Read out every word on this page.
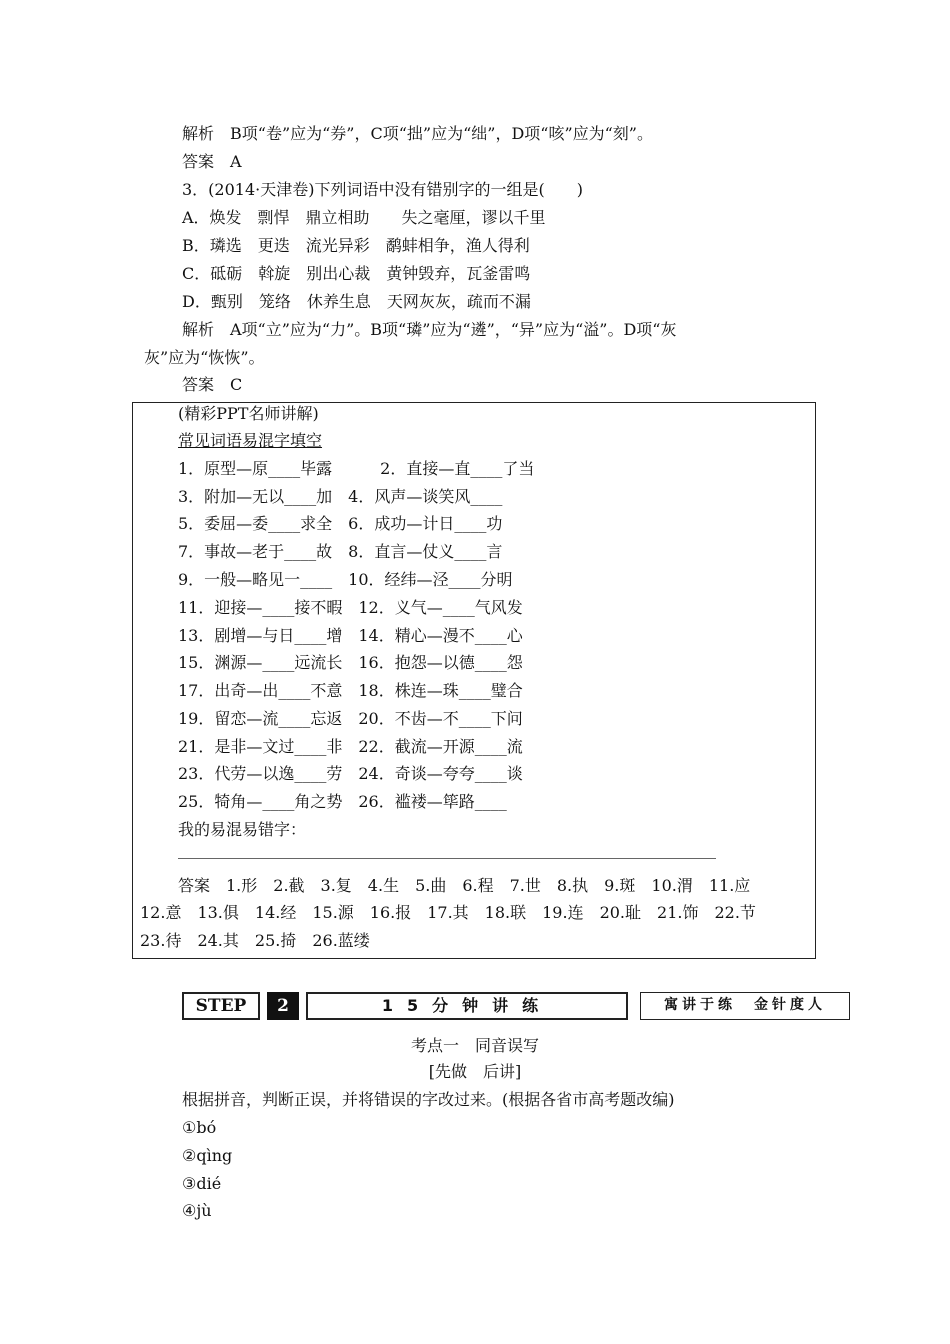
解析　B项“卷”应为“券”，C项“拙”应为“绌”，D项“咳”应为“刻”。
答案　A
3．(2014·天津卷)下列词语中没有错别字的一组是(　　)
A．焕发　剽悍　鼎立相助　　失之毫厘，谬以千里
B．璘选　更迭　流光异彩　鹬蚌相争，渔人得利
C．砥砺　斡旋　别出心裁　黄钟毁弃，瓦釜雷鸣
D．甄别　笼络　休养生息　天网灰灰，疏而不漏
解析　A项“立”应为“力”。B项“璘”应为“遴”，“异”应为“溢”。D项“灰
灰”应为“恢恢”。
答案　C
(精彩PPT名师讲解)
常见词语易混字填空
1．原型—原____毕露　　　2．直接—直____了当
3．附加—无以____加　4．风声—谈笑风____
5．委屈—委____求全　6．成功—计日____功
7．事故—老于____故　8．直言—仗义____言
9．一般—略见一____　10．经纬—泾____分明
11．迎接—____接不暇　12．义气—____气风发
13．剧增—与日____增　14．精心—漫不____心
15．渊源—____远流长　16．抱怨—以德____怨
17．出奇—出____不意　18．株连—珠____璧合
19．留恋—流____忘返　20．不齿—不____下问
21．是非—文过____非　22．截流—开源____流
23．代劳—以逸____劳　24．奇谈—夸夸____谈
25．犄角—____角之势　26．褴褛—筚路____
我的易混易错字：
答案　1.形　2.截　3.复　4.生　5.曲　6.程　7.世　8.执　9.斑　10.渭　11.应
12.意　13.俱　14.经　15.源　16.报　17.其　18.联　19.连　20.耻　21.饰　22.节
23.待　24.其　25.掎　26.蓝缕
STEP	2	15分钟讲练	寓讲于练　金针度人
考点一　同音误写
[先做　后讲]
根据拼音，判断正误，并将错误的字改过来。(根据各省市高考题改编)
①bó
②qìng
③dié
④jù
